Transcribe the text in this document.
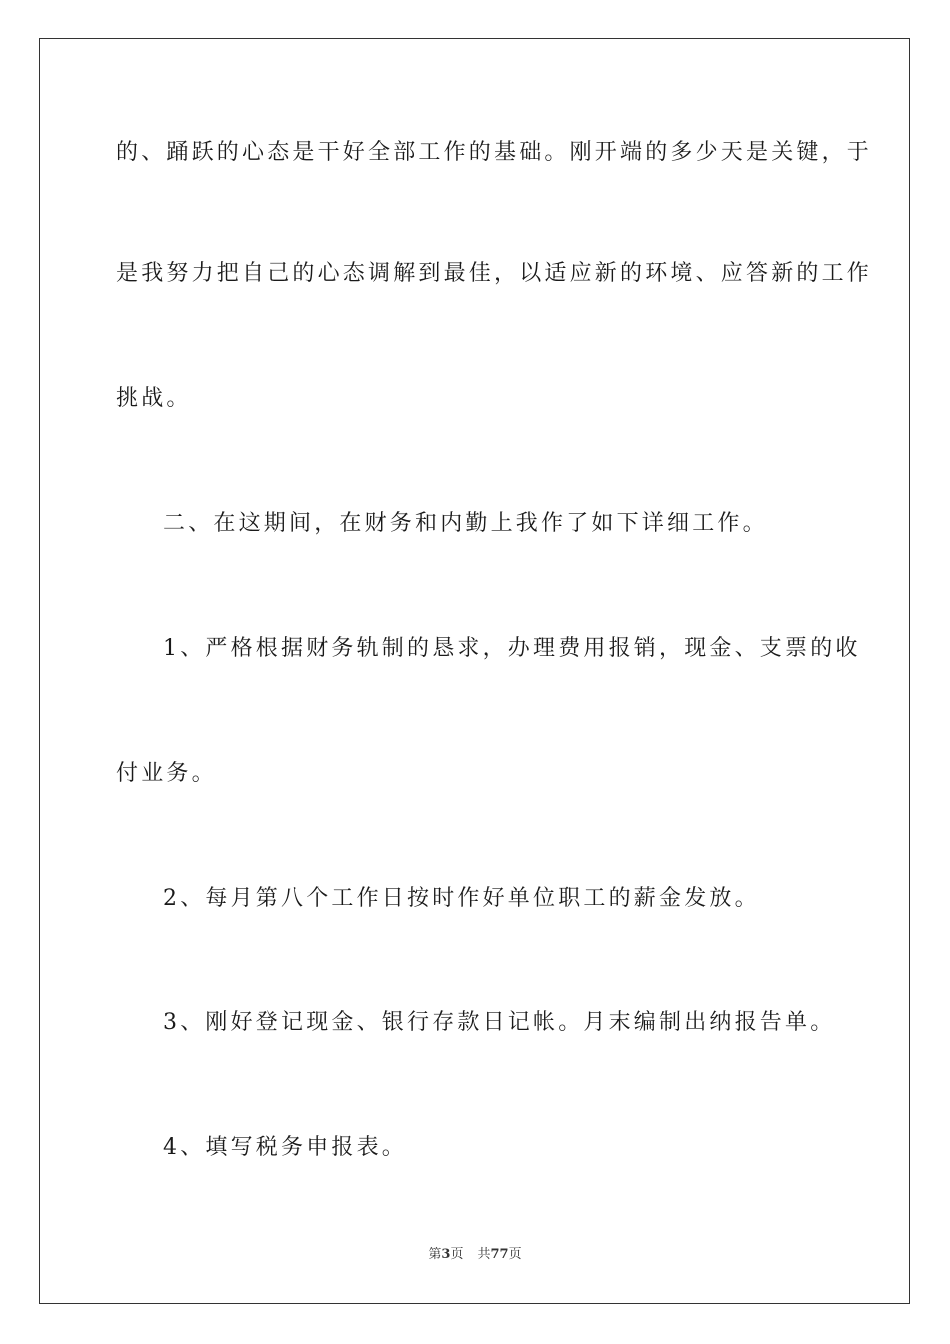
的、踊跃的心态是干好全部工作的基础。刚开端的多少天是关键，于
是我努力把自己的心态调解到最佳，以适应新的环境、应答新的工作
挑战。
二、在这期间，在财务和内勤上我作了如下详细工作。
1、严格根据财务轨制的恳求，办理费用报销，现金、支票的收
付业务。
2、每月第八个工作日按时作好单位职工的薪金发放。
3、刚好登记现金、银行存款日记帐。月末编制出纳报告单。
4、填写税务申报表。
第3页 共77页
